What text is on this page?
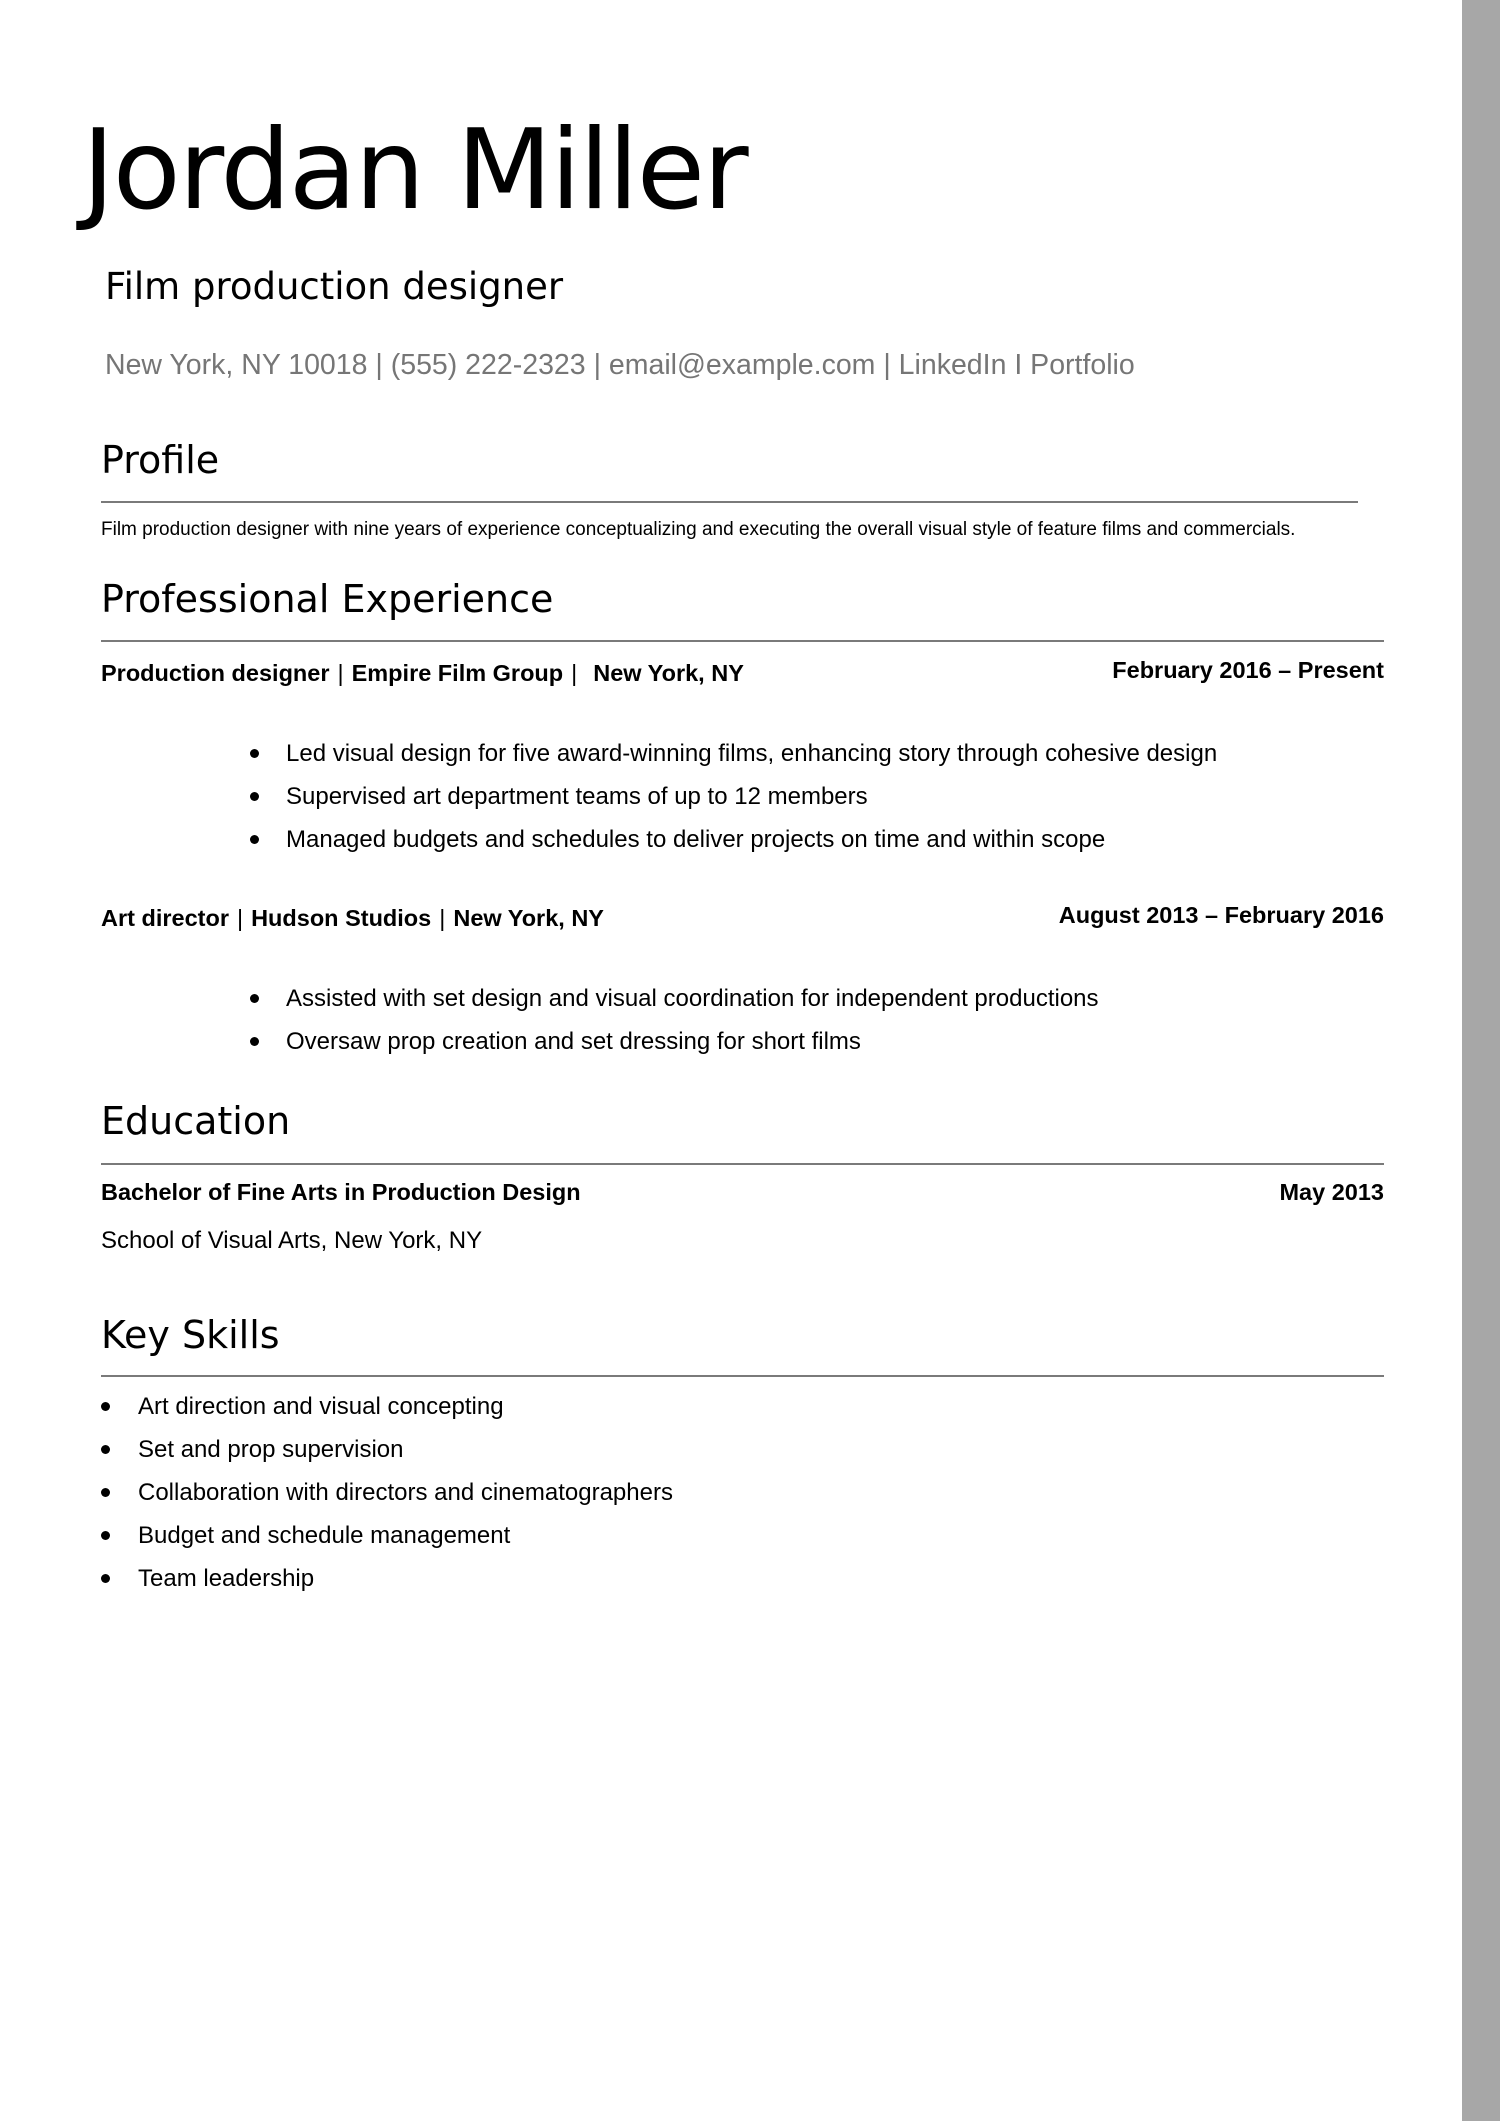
Jordan Miller
Film production designer
New York, NY 10018 | (555) 222-2323 | email@example.com | LinkedIn I Portfolio
Profile
Film production designer with nine years of experience conceptualizing and executing the overall visual style of feature films and commercials.
Professional Experience
Production designer | Empire Film Group | New York, NY	February 2016 – Present
Led visual design for five award-winning films, enhancing story through cohesive design
Supervised art department teams of up to 12 members
Managed budgets and schedules to deliver projects on time and within scope
Art director | Hudson Studios | New York, NY	August 2013 – February 2016
Assisted with set design and visual coordination for independent productions
Oversaw prop creation and set dressing for short films
Education
Bachelor of Fine Arts in Production Design	May 2013
School of Visual Arts, New York, NY
Key Skills
Art direction and visual concepting
Set and prop supervision
Collaboration with directors and cinematographers
Budget and schedule management
Team leadership
